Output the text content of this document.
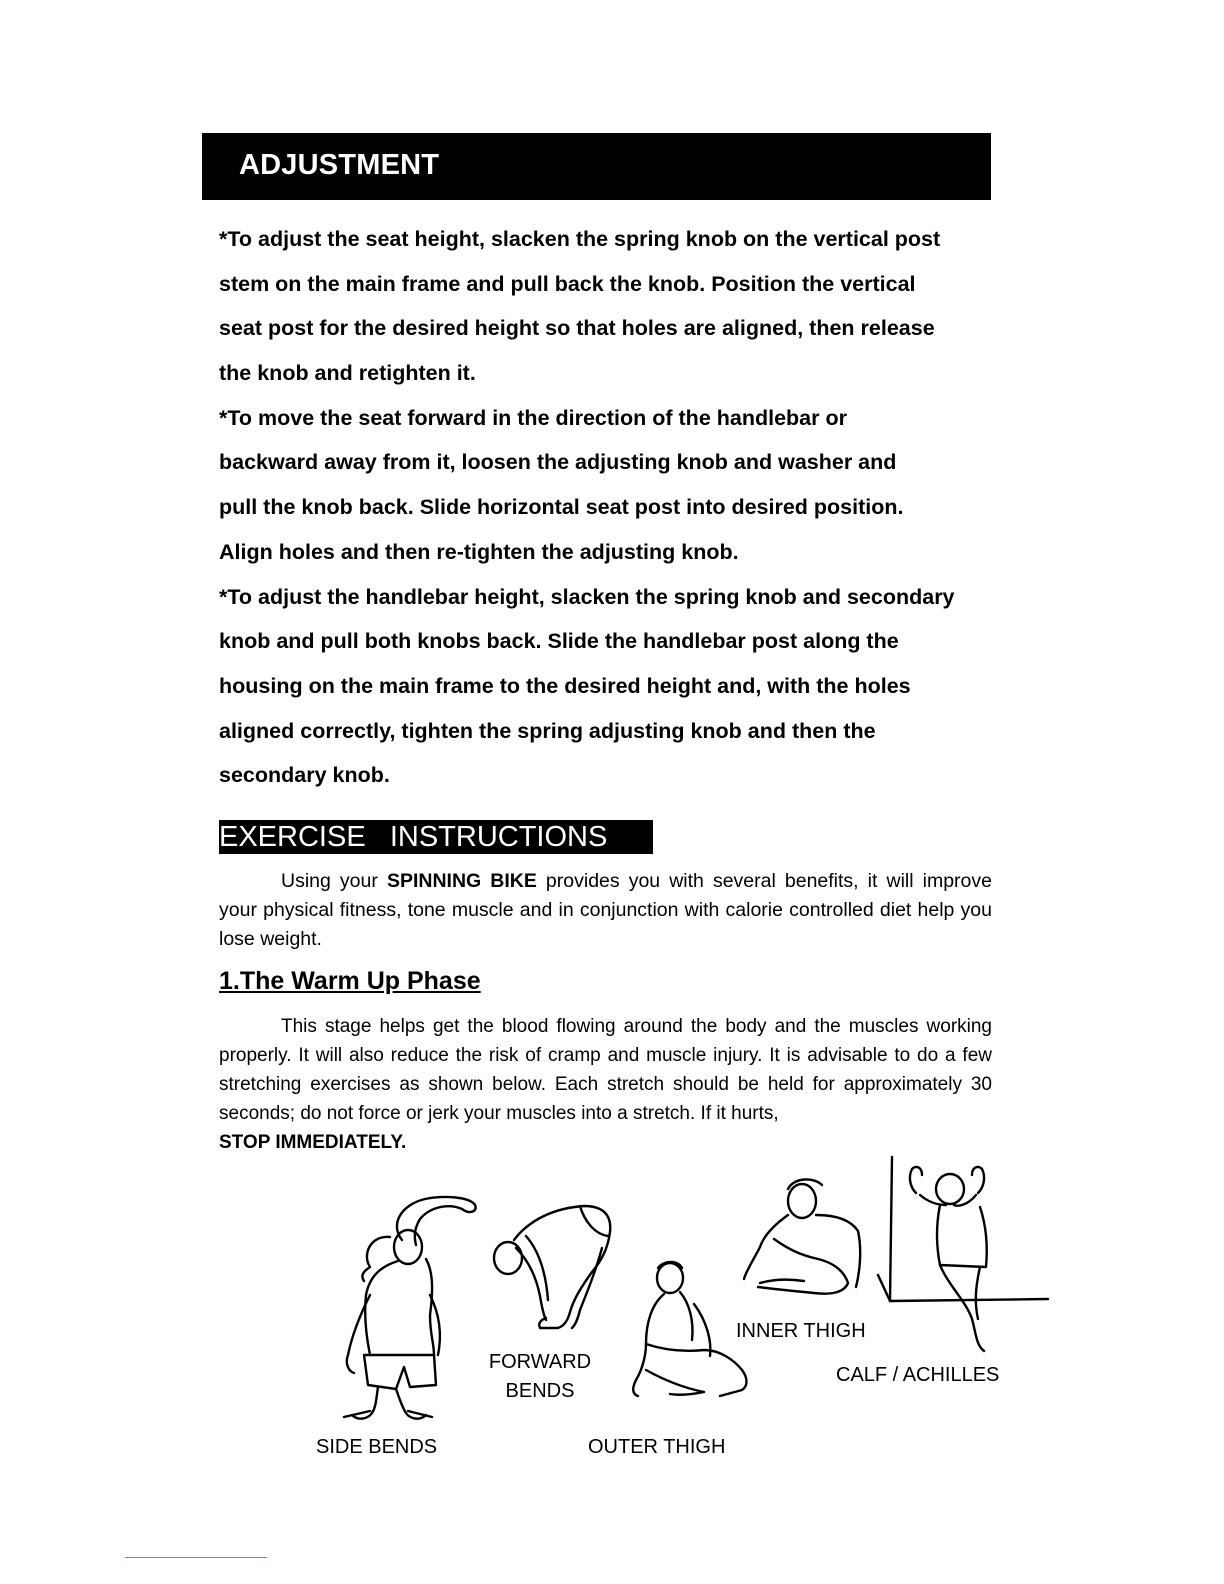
ADJUSTMENT
*To adjust the seat height, slacken the spring knob on the vertical post
stem on the main frame and pull back the knob. Position the vertical
seat post for the desired height so that holes are aligned, then release
the knob and retighten it.
*To move the seat forward in the direction of the handlebar or
backward away from it, loosen the adjusting knob and washer and
pull the knob back. Slide horizontal seat post into desired position.
Align holes and then re-tighten the adjusting knob.
*To adjust the handlebar height, slacken the spring knob and secondary
knob and pull both knobs back. Slide the handlebar post along the
housing on the main frame to the desired height and, with the holes
aligned correctly, tighten the spring adjusting knob and then the
secondary knob.
EXERCISE   INSTRUCTIONS
Using your SPINNING BIKE provides you with several benefits, it will improve your physical fitness, tone muscle and in conjunction with calorie controlled diet help you lose weight.
1.The Warm Up Phase
This stage helps get the blood flowing around the body and the muscles working properly. It will also reduce the risk of cramp and muscle injury. It is advisable to do a few stretching exercises as shown below. Each stretch should be held for approximately 30 seconds; do not force or jerk your muscles into a stretch. If it hurts,
STOP IMMEDIATELY.
SIDE BENDS
FORWARD
BENDS
OUTER THIGH
INNER THIGH
CALF / ACHILLES
